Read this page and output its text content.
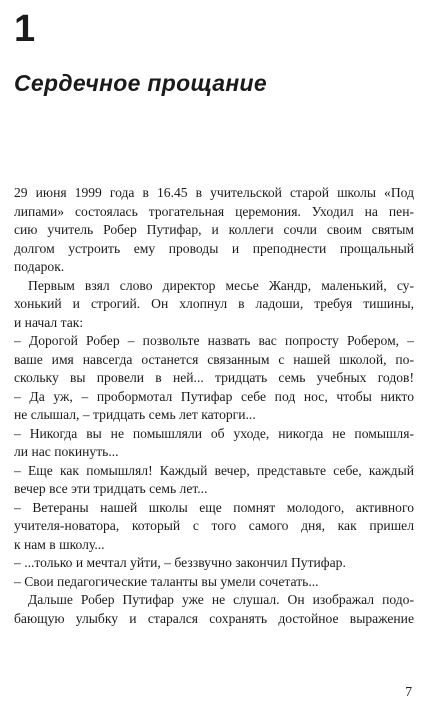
1
Сердечное прощание
29 июня 1999 года в 16.45 в учительской старой школы «Под
липами» состоялась трогательная церемония. Уходил на пен-
сию учитель Робер Путифар, и коллеги сочли своим святым
долгом устроить ему проводы и преподнести прощальный
подарок.
Первым взял слово директор месье Жандр, маленький, су-
хонький и строгий. Он хлопнул в ладоши, требуя тишины,
и начал так:
– Дорогой Робер – позвольте назвать вас попросту Робером, –
ваше имя навсегда останется связанным с нашей школой, по-
скольку вы провели в ней... тридцать семь учебных годов!
– Да уж, – пробормотал Путифар себе под нос, чтобы никто
не слышал, – тридцать семь лет каторги...
– Никогда вы не помышляли об уходе, никогда не помышля-
ли нас покинуть...
– Еще как помышлял! Каждый вечер, представьте себе, каждый
вечер все эти тридцать семь лет...
– Ветераны нашей школы еще помнят молодого, активного
учителя-новатора, который с того самого дня, как пришел
к нам в школу...
– ...только и мечтал уйти, – беззвучно закончил Путифар.
– Свои педагогические таланты вы умели сочетать...
Дальше Робер Путифар уже не слушал. Он изображал подо-
бающую улыбку и старался сохранять достойное выражение
7
